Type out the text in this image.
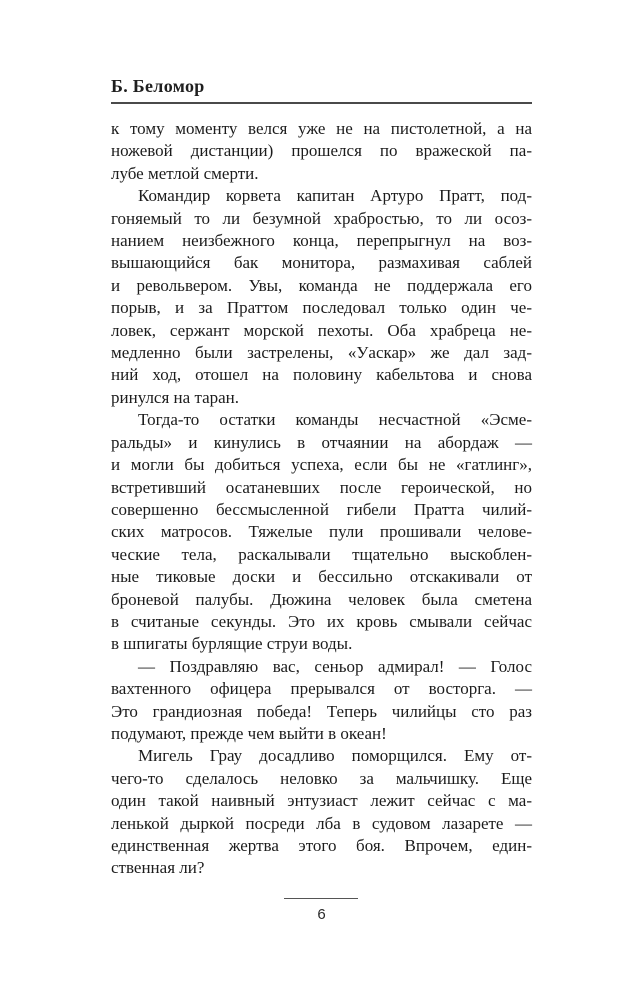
Б. Беломор
к тому моменту велся уже не на пистолетной, а на
ножевой дистанции) прошелся по вражеской па-
лубе метлой смерти.
Командир корвета капитан Артуро Пратт, под-
гоняемый то ли безумной храбростью, то ли осоз-
нанием неизбежного конца, перепрыгнул на воз-
вышающийся бак монитора, размахивая саблей
и револьвером. Увы, команда не поддержала его
порыв, и за Праттом последовал только один че-
ловек, сержант морской пехоты. Оба храбреца не-
медленно были застрелены, «Уаскар» же дал зад-
ний ход, отошел на половину кабельтова и снова
ринулся на таран.
Тогда-то остатки команды несчастной «Эсме-
ральды» и кинулись в отчаянии на абордаж —
и могли бы добиться успеха, если бы не «гатлинг»,
встретивший осатаневших после героической, но
совершенно бессмысленной гибели Пратта чилий-
ских матросов. Тяжелые пули прошивали челове-
ческие тела, раскалывали тщательно выскоблен-
ные тиковые доски и бессильно отскакивали от
броневой палубы. Дюжина человек была сметена
в считаные секунды. Это их кровь смывали сейчас
в шпигаты бурлящие струи воды.
— Поздравляю вас, сеньор адмирал! — Голос
вахтенного офицера прерывался от восторга. —
Это грандиозная победа! Теперь чилийцы сто раз
подумают, прежде чем выйти в океан!
Мигель Грау досадливо поморщился. Ему от-
чего-то сделалось неловко за мальчишку. Еще
один такой наивный энтузиаст лежит сейчас с ма-
ленькой дыркой посреди лба в судовом лазарете —
единственная жертва этого боя. Впрочем, един-
ственная ли?
6
